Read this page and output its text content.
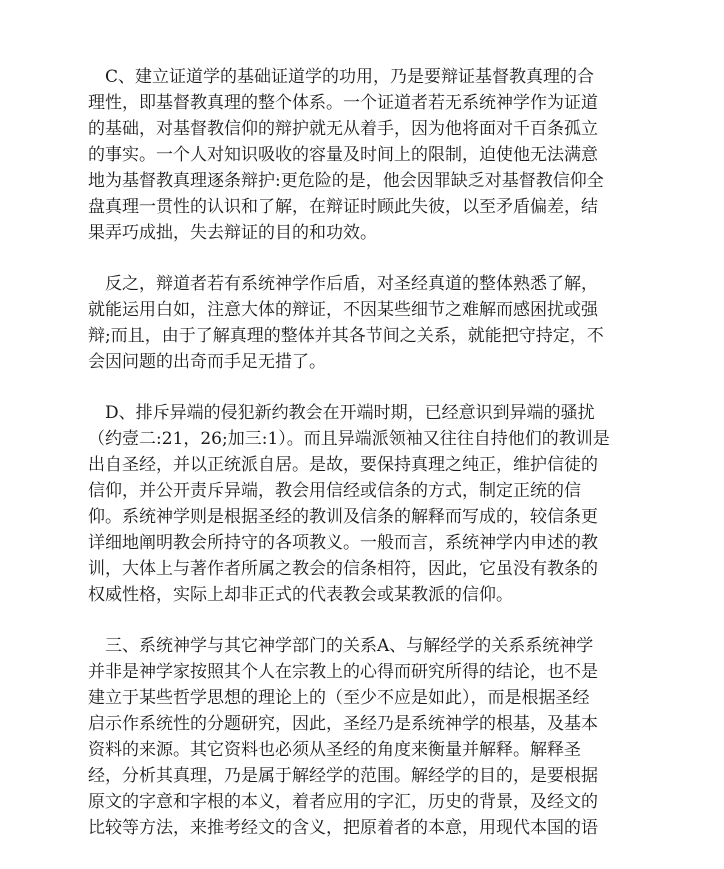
　C、建立证道学的基础证道学的功用，乃是要辩证基督教真理的合
理性，即基督教真理的整个体系。一个证道者若无系统神学作为证道
的基础，对基督教信仰的辩护就无从着手，因为他将面对千百条孤立
的事实。一个人对知识吸收的容量及时间上的限制，迫使他无法满意
地为基督教真理逐条辩护:更危险的是，他会因罪缺乏对基督教信仰全
盘真理一贯性的认识和了解，在辩证时顾此失彼，以至矛盾偏差，结
果弄巧成拙，失去辩证的目的和功效。
　反之，辩道者若有系统神学作后盾，对圣经真道的整体熟悉了解，
就能运用白如，注意大体的辩证，不因某些细节之难解而感困扰或强
辩;而且，由于了解真理的整体并其各节间之关系，就能把守持定，不
会因问题的出奇而手足无措了。
　D、排斥异端的侵犯新约教会在开端时期，已经意识到异端的骚扰
（约壹二:21，26;加三:1）。而且异端派领袖又往往自持他们的教训是
出自圣经，并以正统派自居。是故，要保持真理之纯正，维护信徒的
信仰，并公开责斥异端，教会用信经或信条的方式，制定正统的信
仰。系统神学则是根据圣经的教训及信条的解释而写成的，较信条更
详细地阐明教会所持守的各项教义。一般而言，系统神学内申述的教
训，大体上与著作者所属之教会的信条相符，因此，它虽没有教条的
权威性格，实际上却非正式的代表教会或某教派的信仰。
　三、系统神学与其它神学部门的关系A、与解经学的关系系统神学
并非是神学家按照其个人在宗教上的心得而研究所得的结论，也不是
建立于某些哲学思想的理论上的（至少不应是如此），而是根据圣经
启示作系统性的分题研究，因此，圣经乃是系统神学的根基，及基本
资料的来源。其它资料也必须从圣经的角度来衡量并解释。解释圣
经，分析其真理，乃是属于解经学的范围。解经学的目的，是要根据
原文的字意和字根的本义，着者应用的字汇，历史的背景，及经文的
比较等方法，来推考经文的含义，把原着者的本意，用现代本国的语
